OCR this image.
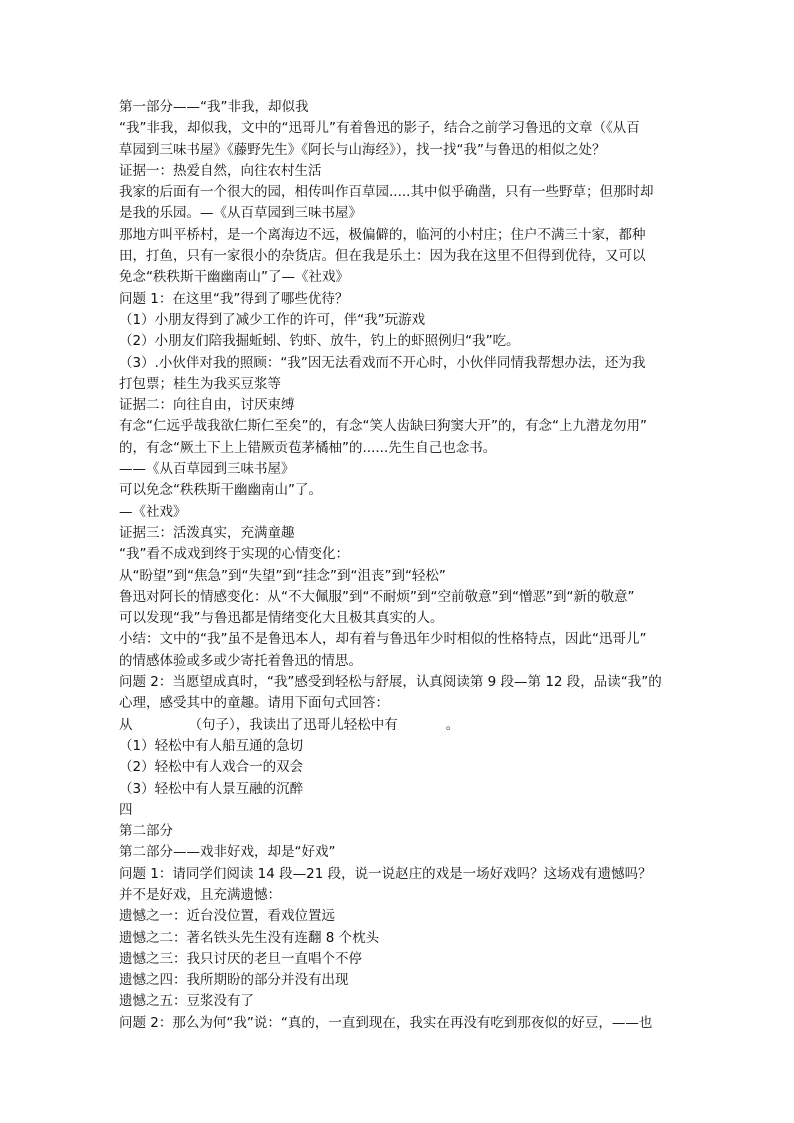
第一部分——“我”非我，却似我
“我”非我，却似我，文中的“迅哥儿”有着鲁迅的影子，结合之前学习鲁迅的文章（《从百
草园到三味书屋》《藤野先生》《阿长与山海经》），找一找“我”与鲁迅的相似之处？
证据一：热爱自然，向往农村生活
我家的后面有一个很大的园，相传叫作百草园.....其中似乎确凿，只有一些野草；但那时却
是我的乐园。—《从百草园到三味书屋》
那地方叫平桥村，是一个离海边不远，极偏僻的，临河的小村庄；住户不满三十家，都种
田，打鱼，只有一家很小的杂货店。但在我是乐土：因为我在这里不但得到优待，又可以
免念“秩秩斯干幽幽南山”了—《社戏》
问题 1：在这里“我”得到了哪些优待？
（1）小朋友得到了减少工作的许可，伴“我”玩游戏
（2）小朋友们陪我掘蚯蚓、钓虾、放牛，钓上的虾照例归“我”吃。
（3）.小伙伴对我的照顾：“我”因无法看戏而不开心时，小伙伴同情我帮想办法，还为我
打包票；桂生为我买豆浆等
证据二：向往自由，讨厌束缚
有念“仁远乎哉我欲仁斯仁至矣”的，有念“笑人齿缺曰狗窦大开”的，有念“上九潜龙勿用”
的，有念“厥土下上上错厥贡苞茅橘柚”的......先生自己也念书。
——《从百草园到三味书屋》
可以免念“秩秩斯干幽幽南山”了。
—《社戏》
证据三：活泼真实，充满童趣
“我”看不成戏到终于实现的心情变化：
从“盼望”到“焦急”到“失望”到“挂念”到“沮丧”到“轻松”
鲁迅对阿长的情感变化：从“不大佩服”到“不耐烦”到“空前敬意”到“憎恶”到“新的敬意”
可以发现“我”与鲁迅都是情绪变化大且极其真实的人。
小结：文中的“我”虽不是鲁迅本人，却有着与鲁迅年少时相似的性格特点，因此“迅哥儿”
的情感体验或多或少寄托着鲁迅的情思。
问题 2：当愿望成真时，“我”感受到轻松与舒展，认真阅读第 9 段—第 12 段，品读“我”的
心理，感受其中的童趣。请用下面句式回答：
从	（句子），我读出了迅哥儿轻松中有	。
（1）轻松中有人船互通的急切
（2）轻松中有人戏合一的双会
（3）轻松中有人景互融的沉醉
四
第二部分
第二部分——戏非好戏，却是“好戏”
问题 1：请同学们阅读 14 段—21 段，说一说赵庄的戏是一场好戏吗？这场戏有遗憾吗？
并不是好戏，且充满遗憾：
遗憾之一：近台没位置，看戏位置远
遗憾之二：著名铁头先生没有连翻 8 个枕头
遗憾之三：我只讨厌的老旦一直唱个不停
遗憾之四：我所期盼的部分并没有出现
遗憾之五：豆浆没有了
问题 2：那么为何“我”说：“真的，一直到现在，我实在再没有吃到那夜似的好豆，——也
